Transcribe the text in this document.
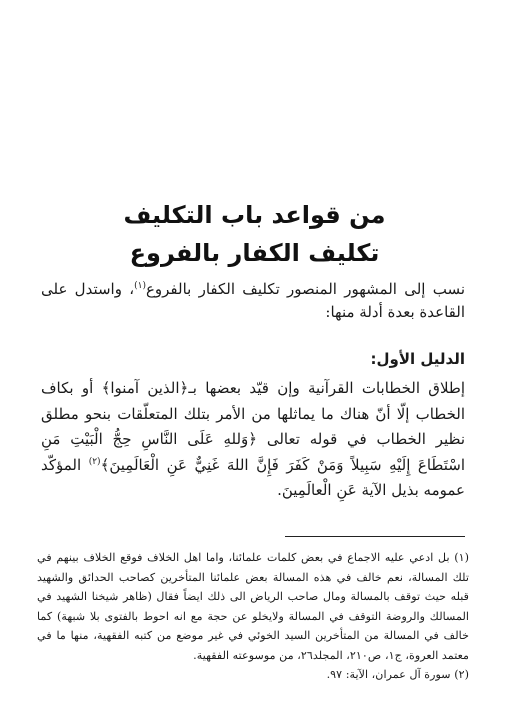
من قواعد باب التكليف
تكليف الكفار بالفروع

نسب إلى المشهور المنصور تكليف الكفار بالفروع$^{(١)}$، واستدل على القاعدة بعدة أدلة منها:

الدليل الأول:

إطلاق الخطابات القرآنية وإن قيّد بعضها بـ﴿الذين آمنوا﴾ أو بكاف الخطاب إلّا أنّ هناك ما يماثلها من الأمر بتلك المتعلّقات بنحو مطلق نظير الخطاب في قوله تعالى ﴿وَللهِ عَلَى النَّاسِ حِجُّ الْبَيْتِ مَنِ اسْتَطَاعَ إِلَيْهِ سَبِيلاً وَمَنْ كَفَرَ فَإِنَّ اللهَ غَنِيٌّ عَنِ الْعَالَمِينَ﴾$^{(٢)}$ المؤكّد عمومه بذيل الآية عَنِ الْعالَمِينَ.

(١) بل ادعي عليه الاجماع في بعض كلمات علمائنا، واما اهل الخلاف فوقع الخلاف بينهم في تلك المسالة، نعم خالف في هذه المسالة بعض علمائنا المتأخرين كصاحب الحدائق والشهيد قبله حيث توقف بالمسالة ومال صاحب الرياض الى ذلك ايضاً فقال (ظاهر شيخنا الشهيد في المسالك والروضة التوقف في المسالة ولايخلو عن حجة مع انه احوط بالفتوى بلا شبهة) كما خالف في المسالة من المتأخرين السيد الخوئي في غير موضع من كتبه الفقهية، منها ما في معتمد العروة، ج١، ص٢١٠، المجلد٢٦، من موسوعته الفقهية.
(٢) سورة آل عمران، الآية: ٩٧.
